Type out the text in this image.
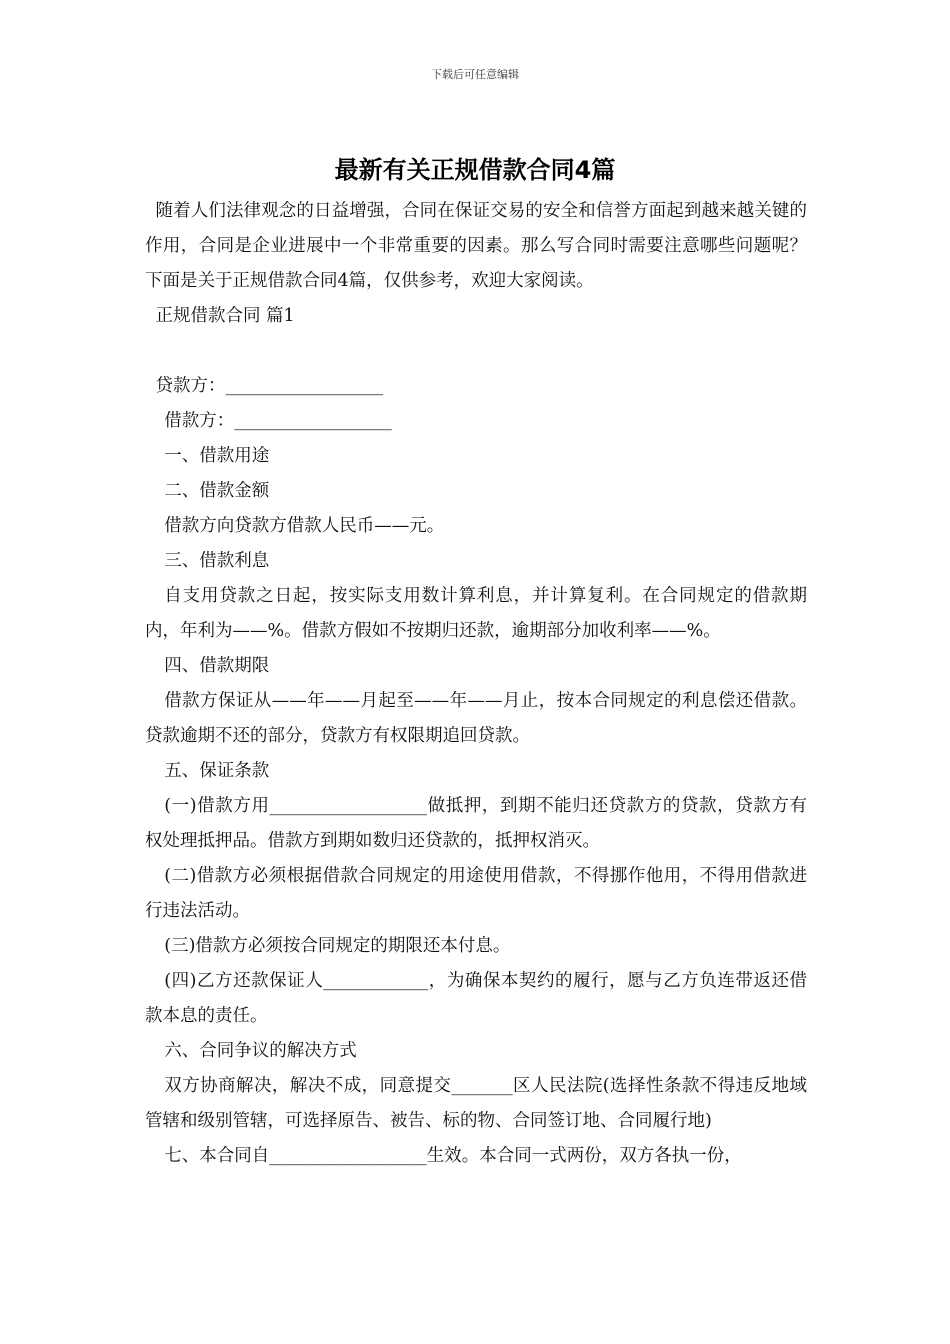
下载后可任意编辑
最新有关正规借款合同4篇

随着人们法律观念的日益增强，合同在保证交易的安全和信誉方面起到越来越关键的作用，合同是企业进展中一个非常重要的因素。那么写合同时需要注意哪些问题呢？下面是关于正规借款合同4篇，仅供参考，欢迎大家阅读。

正规借款合同 篇1

贷款方：__________________

借款方：__________________

一、借款用途

二、借款金额

借款方向贷款方借款人民币——元。

三、借款利息

自支用贷款之日起，按实际支用数计算利息，并计算复利。在合同规定的借款期内，年利为——%。借款方假如不按期归还款，逾期部分加收利率——%。

四、借款期限

借款方保证从——年——月起至——年——月止，按本合同规定的利息偿还借款。贷款逾期不还的部分，贷款方有权限期追回贷款。

五、保证条款

(一)借款方用__________________做抵押，到期不能归还贷款方的贷款，贷款方有权处理抵押品。借款方到期如数归还贷款的，抵押权消灭。

(二)借款方必须根据借款合同规定的用途使用借款，不得挪作他用，不得用借款进行违法活动。

(三)借款方必须按合同规定的期限还本付息。

(四)乙方还款保证人____________，为确保本契约的履行，愿与乙方负连带返还借款本息的责任。

六、合同争议的解决方式

双方协商解决，解决不成，同意提交_______区人民法院(选择性条款不得违反地域管辖和级别管辖，可选择原告、被告、标的物、合同签订地、合同履行地)

七、本合同自__________________生效。本合同一式两份，双方各执一份，
